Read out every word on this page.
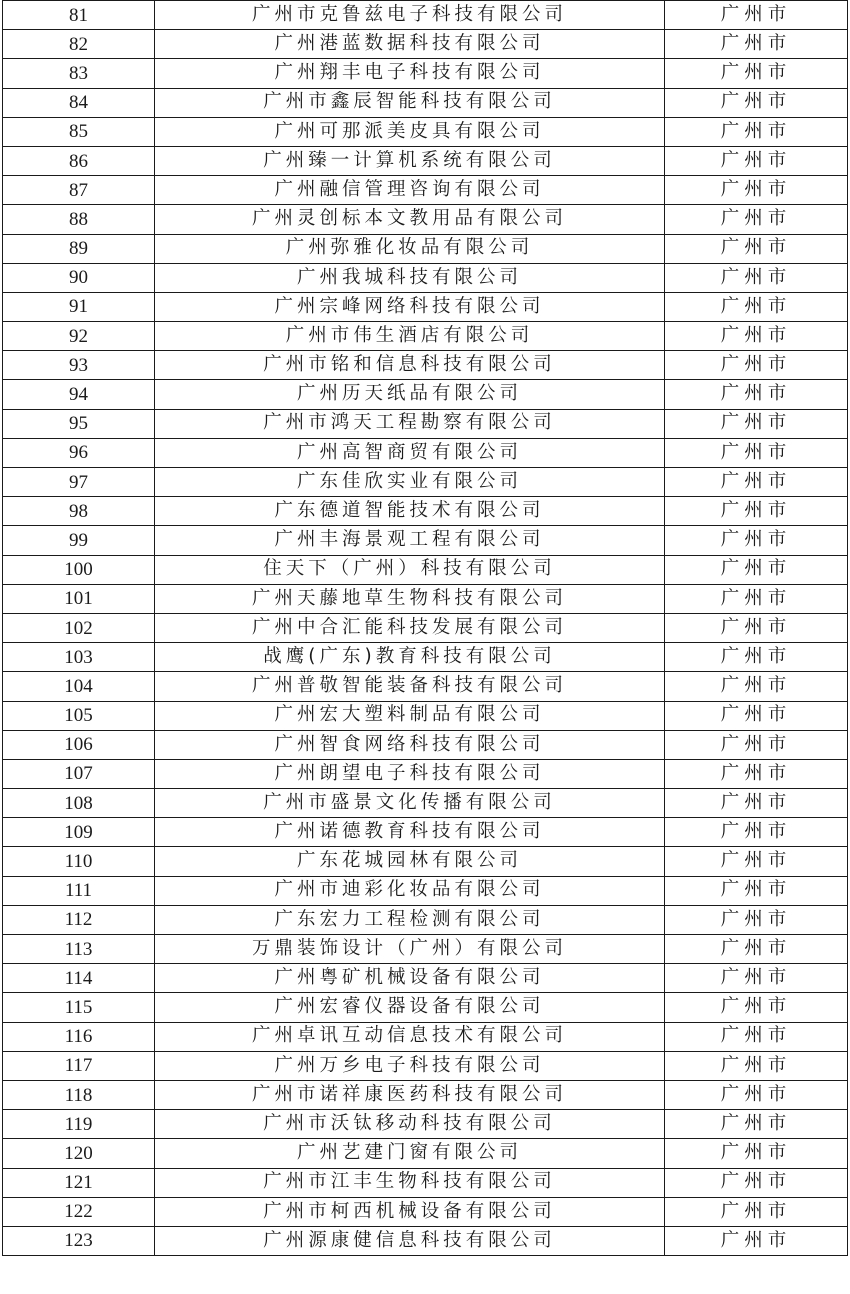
81	广州市克鲁兹电子科技有限公司	广州市
82	广州港蓝数据科技有限公司	广州市
83	广州翔丰电子科技有限公司	广州市
84	广州市鑫辰智能科技有限公司	广州市
85	广州可那派美皮具有限公司	广州市
86	广州臻一计算机系统有限公司	广州市
87	广州融信管理咨询有限公司	广州市
88	广州灵创标本文教用品有限公司	广州市
89	广州弥雅化妆品有限公司	广州市
90	广州我城科技有限公司	广州市
91	广州宗峰网络科技有限公司	广州市
92	广州市伟生酒店有限公司	广州市
93	广州市铭和信息科技有限公司	广州市
94	广州历天纸品有限公司	广州市
95	广州市鸿天工程勘察有限公司	广州市
96	广州高智商贸有限公司	广州市
97	广东佳欣实业有限公司	广州市
98	广东德道智能技术有限公司	广州市
99	广州丰海景观工程有限公司	广州市
100	住天下（广州）科技有限公司	广州市
101	广州天藤地草生物科技有限公司	广州市
102	广州中合汇能科技发展有限公司	广州市
103	战鹰(广东)教育科技有限公司	广州市
104	广州普敬智能装备科技有限公司	广州市
105	广州宏大塑料制品有限公司	广州市
106	广州智食网络科技有限公司	广州市
107	广州朗望电子科技有限公司	广州市
108	广州市盛景文化传播有限公司	广州市
109	广州诺德教育科技有限公司	广州市
110	广东花城园林有限公司	广州市
111	广州市迪彩化妆品有限公司	广州市
112	广东宏力工程检测有限公司	广州市
113	万鼎装饰设计（广州）有限公司	广州市
114	广州粤矿机械设备有限公司	广州市
115	广州宏睿仪器设备有限公司	广州市
116	广州卓讯互动信息技术有限公司	广州市
117	广州万乡电子科技有限公司	广州市
118	广州市诺祥康医药科技有限公司	广州市
119	广州市沃钛移动科技有限公司	广州市
120	广州艺建门窗有限公司	广州市
121	广州市江丰生物科技有限公司	广州市
122	广州市柯西机械设备有限公司	广州市
123	广州源康健信息科技有限公司	广州市
